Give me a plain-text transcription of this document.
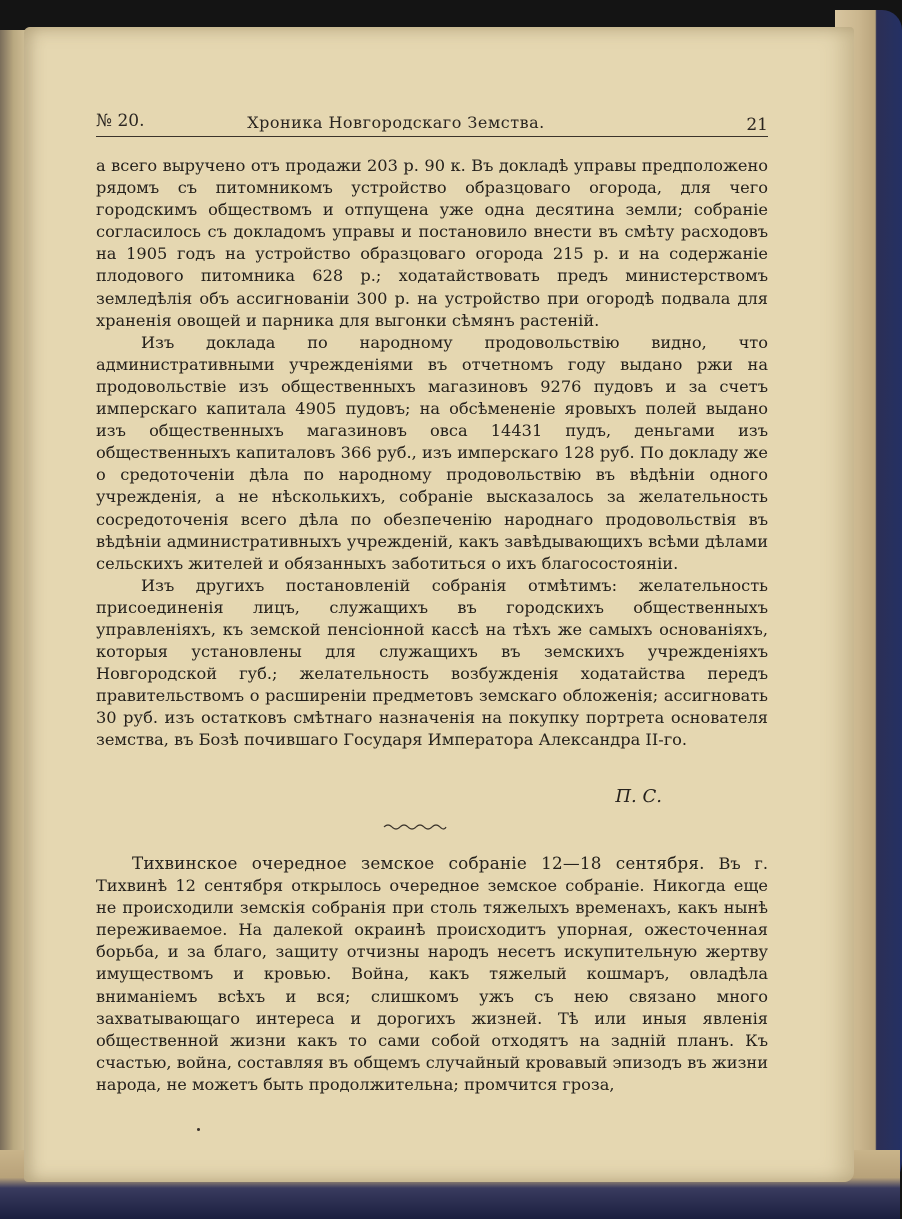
№ 20.	Хроника Новгородскаго Земства.	21

а всего выручено отъ продажи 203 р. 90 к. Въ докладѣ управы предположено рядомъ съ питомникомъ устройство образцоваго огорода, для чего городскимъ обществомъ и отпущена уже одна десятина земли; собраніе согласилось съ докладомъ управы и постановило внести въ смѣту расходовъ на 1905 годъ на устройство образцоваго огорода 215 р. и на содержаніе плодового питомника 628 р.; ходатайствовать предъ министерствомъ земледѣлія объ ассигнованіи 300 р. на устройство при огородѣ подвала для храненія овощей и парника для выгонки сѣмянъ растеній.

Изъ доклада по народному продовольствію видно, что административными учрежденіями въ отчетномъ году выдано ржи на продовольствіе изъ общественныхъ магазиновъ 9276 пудовъ и за счетъ имперскаго капитала 4905 пудовъ; на обсѣмененіе яровыхъ полей выдано изъ общественныхъ магазиновъ овса 14431 пудъ, деньгами изъ общественныхъ капиталовъ 366 руб., изъ имперскаго 128 руб. По докладу же о средоточеніи дѣла по народному продовольствію въ вѣдѣніи одного учрежденія, а не нѣсколькихъ, собраніе высказалось за желательность сосредоточенія всего дѣла по обезпеченію народнаго продовольствія въ вѣдѣніи административныхъ учрежденій, какъ завѣдывающихъ всѣми дѣлами сельскихъ жителей и обязанныхъ заботиться о ихъ благосостояніи.

Изъ другихъ постановленій собранія отмѣтимъ: желательность присоединенія лицъ, служащихъ въ городскихъ общественныхъ управленіяхъ, къ земской пенсіонной кассѣ на тѣхъ же самыхъ основаніяхъ, которыя установлены для служащихъ въ земскихъ учрежденіяхъ Новгородской губ.; желательность возбужденія ходатайства передъ правительствомъ о расширеніи предметовъ земскаго обложенія; ассигновать 30 руб. изъ остатковъ смѣтнаго назначенія на покупку портрета основателя земства, въ Бозѣ почившаго Государя Императора Александра II-го.

П. С.

Тихвинское очередное земское собраніе 12—18 сентября. Въ г. Тихвинѣ 12 сентября открылось очередное земское собраніе. Никогда еще не происходили земскія собранія при столь тяжелыхъ временахъ, какъ нынѣ переживаемое. На далекой окраинѣ происходитъ упорная, ожесточенная борьба, и за благо, защиту отчизны народъ несетъ искупительную жертву имуществомъ и кровью. Война, какъ тяжелый кошмаръ, овладѣла вниманіемъ всѣхъ и вся; слишкомъ ужъ съ нею связано много захватывающаго интереса и дорогихъ жизней. Тѣ или иныя явленія общественной жизни какъ то сами собой отходятъ на задній планъ. Къ счастью, война, составляя въ общемъ случайный кровавый эпизодъ въ жизни народа, не можетъ быть продолжительна; промчится гроза,
